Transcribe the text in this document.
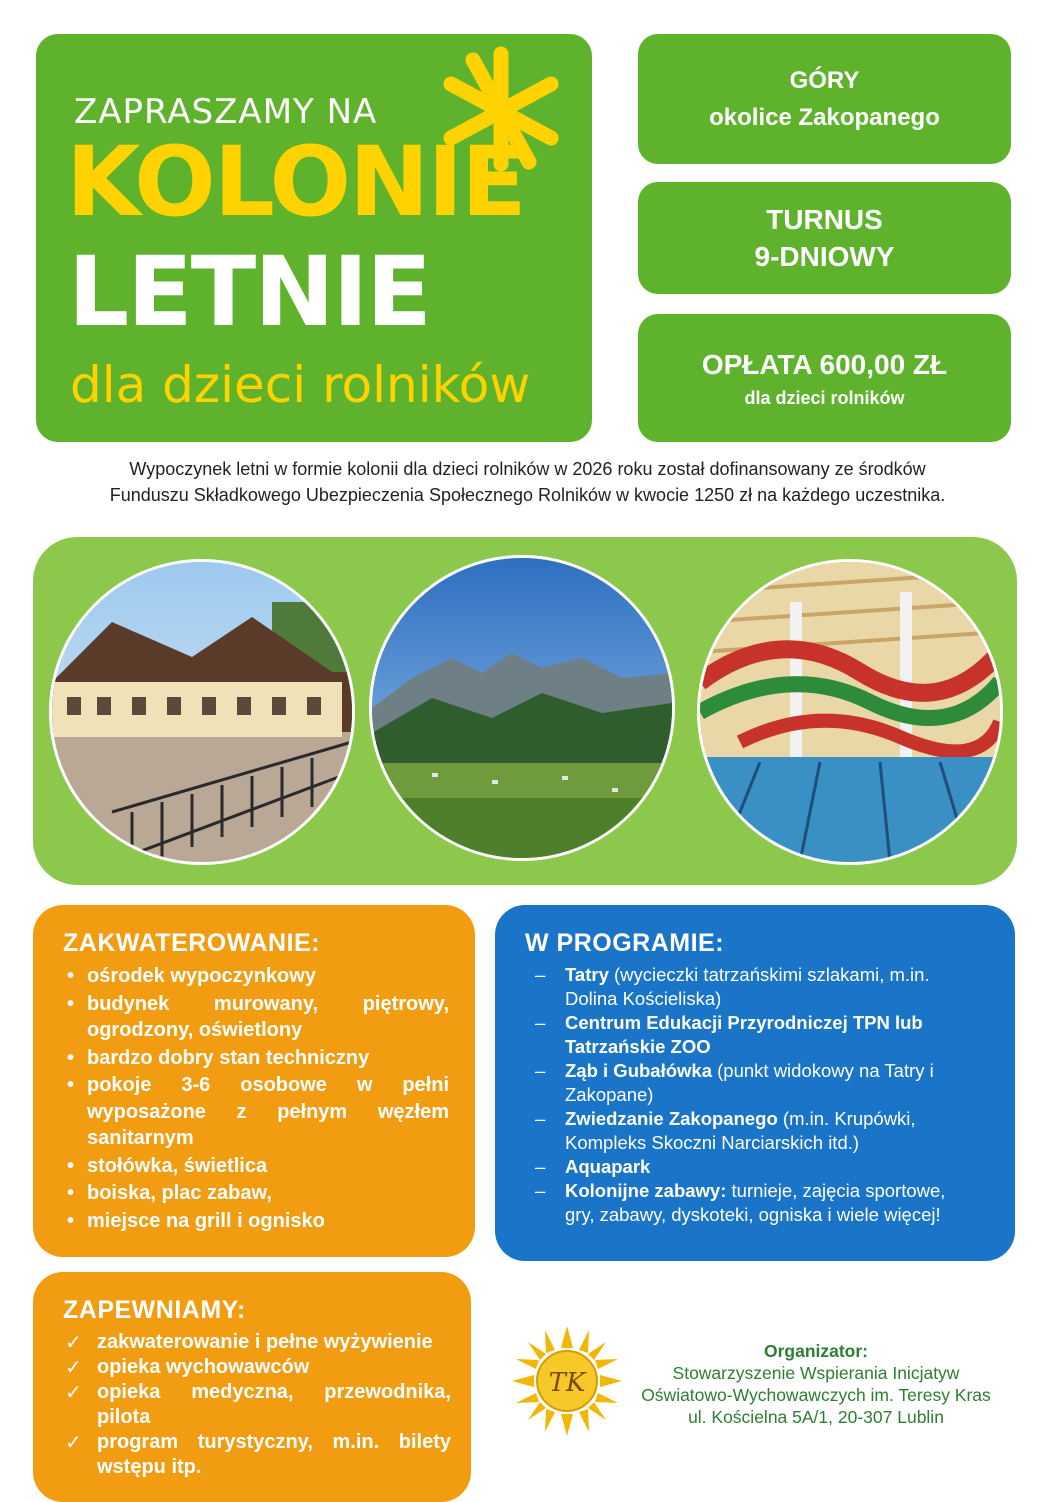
ZAPRASZAMY NA
KOLONIE
LETNIE
dla dzieci rolników
GÓRY
okolice Zakopanego
TURNUS
9-DNIOWY
OPŁATA 600,00 ZŁ
dla dzieci rolników
Wypoczynek letni w formie kolonii dla dzieci rolników w 2026 roku został dofinansowany ze środków
Funduszu Składkowego Ubezpieczenia Społecznego Rolników w kwocie 1250 zł na każdego uczestnika.
ZAKWATEROWANIE:
• ośrodek wypoczynkowy
• budynek murowany, piętrowy, ogrodzony, oświetlony
• bardzo dobry stan techniczny
• pokoje 3-6 osobowe w pełni wyposażone z pełnym węzłem sanitarnym
• stołówka, świetlica
• boiska, plac zabaw,
• miejsce na grill i ognisko
W PROGRAMIE:
– Tatry (wycieczki tatrzańskimi szlakami, m.in. Dolina Kościeliska)
– Centrum Edukacji Przyrodniczej TPN lub Tatrzańskie ZOO
– Ząb i Gubałówka (punkt widokowy na Tatry i Zakopane)
– Zwiedzanie Zakopanego (m.in. Krupówki, Kompleks Skoczni Narciarskich itd.)
– Aquapark
– Kolonijne zabawy: turnieje, zajęcia sportowe, gry, zabawy, dyskoteki, ogniska i wiele więcej!
ZAPEWNIAMY:
✓ zakwaterowanie i pełne wyżywienie
✓ opieka wychowawców
✓ opieka medyczna, przewodnika, pilota
✓ program turystyczny, m.in. bilety wstępu itp.
TK
Organizator:
Stowarzyszenie Wspierania Inicjatyw
Oświatowo-Wychowawczych im. Teresy Kras
ul. Kościelna 5A/1, 20-307 Lublin
